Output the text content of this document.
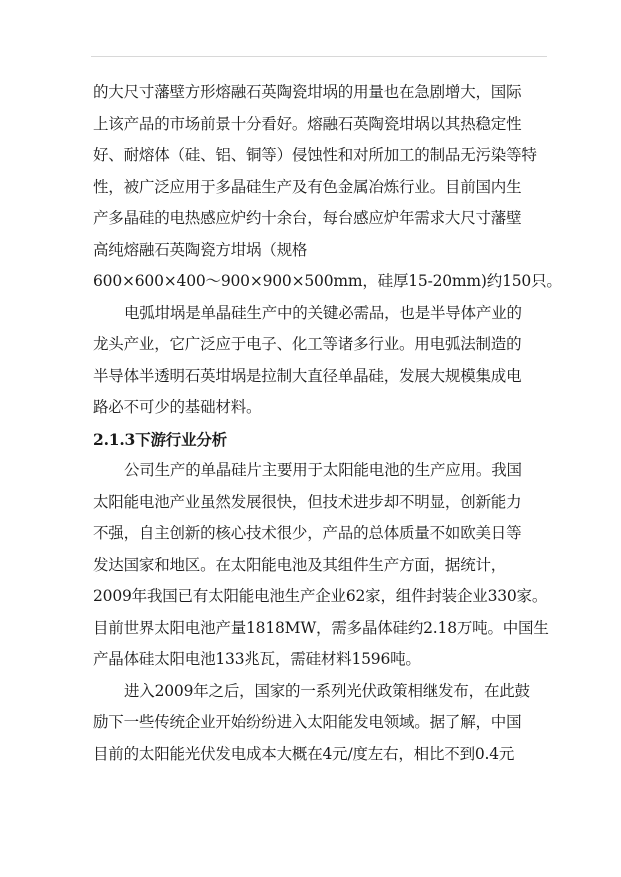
的大尺寸藩壁方形熔融石英陶瓷坩埚的用量也在急剧增大，国际
上该产品的市场前景十分看好。熔融石英陶瓷坩埚以其热稳定性
好、耐熔体（硅、铝、铜等）侵蚀性和对所加工的制品无污染等特
性，被广泛应用于多晶硅生产及有色金属冶炼行业。目前国内生
产多晶硅的电热感应炉约十余台，每台感应炉年需求大尺寸藩壁
高纯熔融石英陶瓷方坩埚（规格
600×600×400～900×900×500mm，硅厚15-20mm)约150只。
电弧坩埚是单晶硅生产中的关键必需品，也是半导体产业的
龙头产业，它广泛应于电子、化工等诸多行业。用电弧法制造的
半导体半透明石英坩埚是拉制大直径单晶硅，发展大规模集成电
路必不可少的基础材料。
2.1.3下游行业分析
公司生产的单晶硅片主要用于太阳能电池的生产应用。我国
太阳能电池产业虽然发展很快，但技术进步却不明显，创新能力
不强，自主创新的核心技术很少，产品的总体质量不如欧美日等
发达国家和地区。在太阳能电池及其组件生产方面，据统计，
2009年我国已有太阳能电池生产企业62家，组件封装企业330家。
目前世界太阳电池产量1818MW，需多晶体硅约2.18万吨。中国生
产晶体硅太阳电池133兆瓦，需硅材料1596吨。
进入2009年之后，国家的一系列光伏政策相继发布，在此鼓
励下一些传统企业开始纷纷进入太阳能发电领域。据了解，中国
目前的太阳能光伏发电成本大概在4元/度左右，相比不到0.4元
